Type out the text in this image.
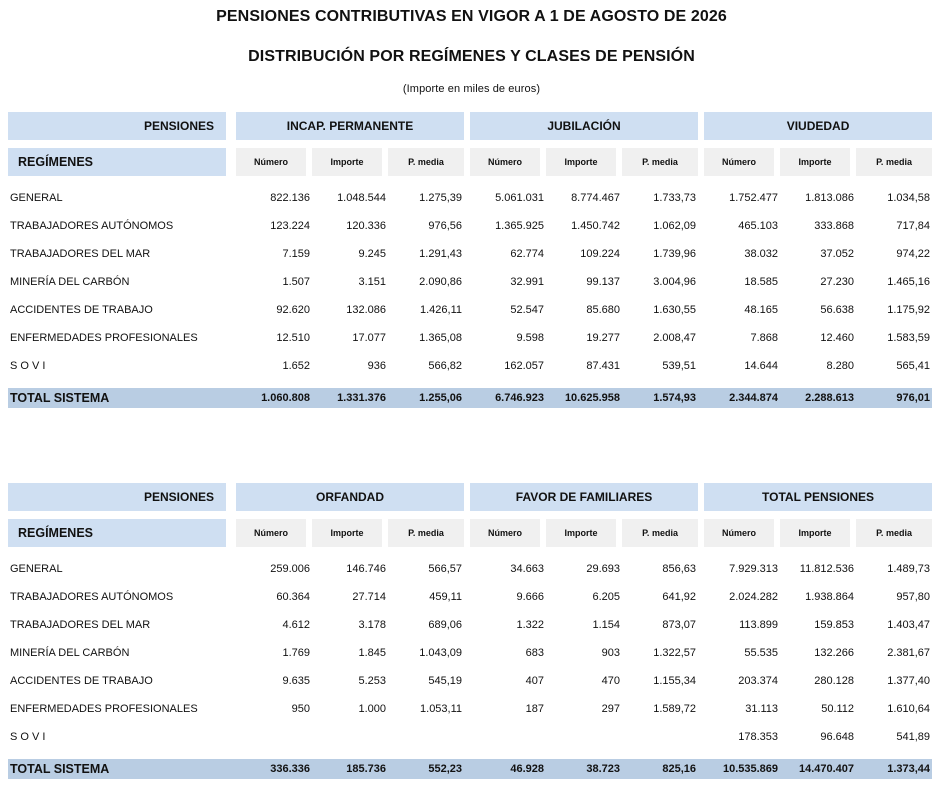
PENSIONES CONTRIBUTIVAS EN VIGOR A 1 DE AGOSTO DE 2026
DISTRIBUCIÓN POR REGÍMENES Y CLASES DE PENSIÓN
(Importe en miles de euros)
PENSIONES		INCAP. PERMANENTE				JUBILACIÓN				VIUDEDAD		

REGÍMENES		Número	Importe	P. media		Número	Importe	P. media		Número	Importe	P. media

GENERAL		822.136	1.048.544	1.275,39		5.061.031	8.774.467	1.733,73		1.752.477	1.813.086	1.034,58
TRABAJADORES AUTÓNOMOS		123.224	120.336	976,56		1.365.925	1.450.742	1.062,09		465.103	333.868	717,84
TRABAJADORES DEL MAR		7.159	9.245	1.291,43		62.774	109.224	1.739,96		38.032	37.052	974,22
MINERÍA DEL CARBÓN		1.507	3.151	2.090,86		32.991	99.137	3.004,96		18.585	27.230	1.465,16
ACCIDENTES DE TRABAJO		92.620	132.086	1.426,11		52.547	85.680	1.630,55		48.165	56.638	1.175,92
ENFERMEDADES PROFESIONALES		12.510	17.077	1.365,08		9.598	19.277	2.008,47		7.868	12.460	1.583,59
S O V I		1.652	936	566,82		162.057	87.431	539,51		14.644	8.280	565,41

TOTAL SISTEMA		1.060.808	1.331.376	1.255,06		6.746.923	10.625.958	1.574,93		2.344.874	2.288.613	976,01
PENSIONES		ORFANDAD				FAVOR DE FAMILIARES				TOTAL PENSIONES		

REGÍMENES		Número	Importe	P. media		Número	Importe	P. media		Número	Importe	P. media

GENERAL		259.006	146.746	566,57		34.663	29.693	856,63		7.929.313	11.812.536	1.489,73
TRABAJADORES AUTÓNOMOS		60.364	27.714	459,11		9.666	6.205	641,92		2.024.282	1.938.864	957,80
TRABAJADORES DEL MAR		4.612	3.178	689,06		1.322	1.154	873,07		113.899	159.853	1.403,47
MINERÍA DEL CARBÓN		1.769	1.845	1.043,09		683	903	1.322,57		55.535	132.266	2.381,67
ACCIDENTES DE TRABAJO		9.635	5.253	545,19		407	470	1.155,34		203.374	280.128	1.377,40
ENFERMEDADES PROFESIONALES		950	1.000	1.053,11		187	297	1.589,72		31.113	50.112	1.610,64
S O V I										178.353	96.648	541,89

TOTAL SISTEMA		336.336	185.736	552,23		46.928	38.723	825,16		10.535.869	14.470.407	1.373,44
